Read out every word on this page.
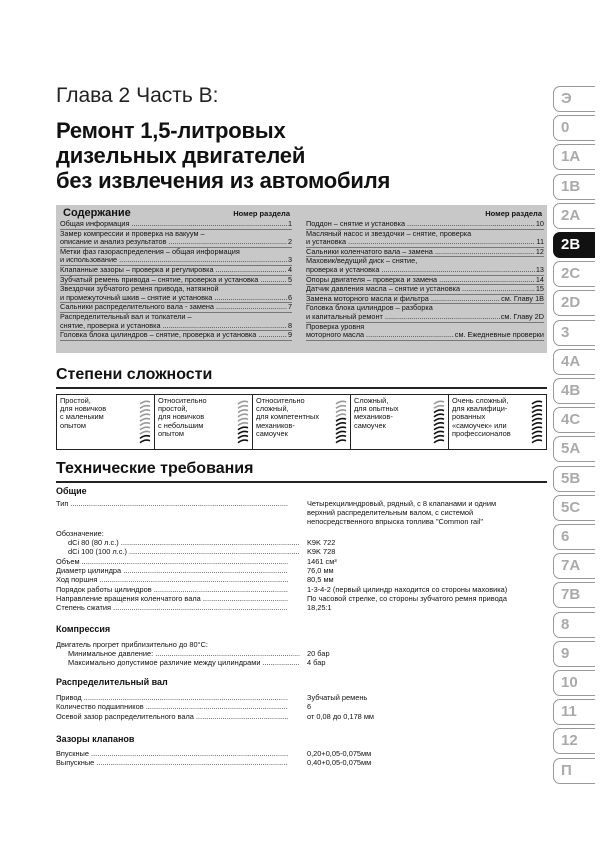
Глава 2 Часть B:
Ремонт 1,5-литровых
дизельных двигателей
без извлечения из автомобиля
Содержание	Номер раздела
Общая информация .....	1
Замер компрессии и проверка на вакуум –
описание и анализ результатов .....	2
Метки фаз газораспределения – общая информация
и использование .....	3
Клапанные зазоры – проверка и регулировка .....	4
Зубчатый ремень привода – снятие, проверка и установка .....	5
Звездочки зубчатого ремня привода, натяжной
и промежуточный шкив – снятие и установка .....	6
Сальники распределительного вала - замена .....	7
Распределительный вал и толкатели –
снятие, проверка и установка .....	8
Головка блока цилиндров – снятие, проверка и установка .....	9
Номер раздела
Поддон – снятие и установка .....	10
Масляный насос и звездочки – снятие, проверка
и установка .....	11
Сальники коленчатого вала – замена .....	12
Маховик/ведущий диск – снятие,
проверка и установка .....	13
Опоры двигателя – проверка и замена .....	14
Датчик давления масла – снятие и установка .....	15
Замена моторного масла и фильтра .....	см. Главу 1B
Головка блока цилиндров – разборка
и капитальный ремонт .....	см. Главу 2D
Проверка уровня
моторного масла .....	см. Ежедневные проверки
Степени сложности
Простой,
для новичков
с маленьким
опытом
Относительно
простой,
для новичков
с небольшим
опытом
Относительно
сложный,
для компетентных
механиков-
самоучек
Сложный,
для опытных
механиков-
самоучек
Очень сложный,
для квалифици-
рованных
«самоучек» или
профессионалов
Технические требования
Общие
Тип .....	Четырехцилиндровый, рядный, с 8 клапанами и одним
верхний распределительным валом, с системой
непосредственного впрыска топлива "Common rail"
Обозначение:
dCi 80 (80 л.с.) .....	K9K 722
dCi 100 (100 л.с.) .....	K9K 728
Объем .....	1461 см³
Диаметр цилиндра .....	76,0 мм
Ход поршня .....	80,5 мм
Порядок работы цилиндров .....	1-3-4-2 (первый цилиндр находится со стороны маховика)
Направление вращения коленчатого вала .....	По часовой стрелке, со стороны зубчатого ремня привода
Степень сжатия .....	18,25:1
Компрессия
Двигатель прогрет приблизительно до 80°С:
Минимальное давление: .....	20 бар
Максимально допустимое различие между цилиндрами .....	4 бар
Распределительный вал
Привод .....	Зубчатый ремень
Количество подшипников .....	6
Осевой зазор распределительного вала .....	от 0,08 до 0,178 мм
Зазоры клапанов
Впускные .....	0,20+0,05-0,075мм
Выпускные .....	0,40+0,05-0,075мм
Э
0
1A
1B
2A
2B
2C
2D
3
4A
4B
4C
5A
5B
5C
6
7A
7B
8
9
10
11
12
П
